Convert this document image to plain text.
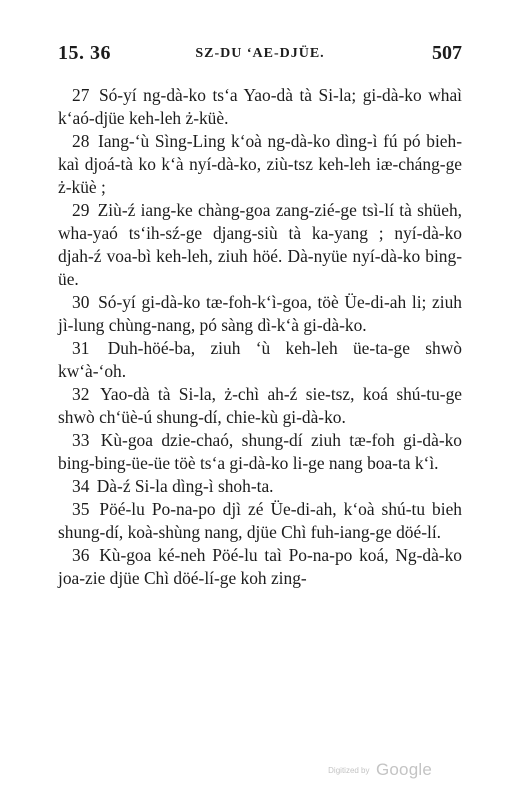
15. 36	SZ-DU ‘AE-DJÜE.	507

27 Só-yí ng-dà-ko ts‘a Yao-dà tà Si-la; gi-dà-ko whaì k‘aó-djüe keh-leh ż-küè.

28 Iang-‘ù Sìng-Ling k‘oà ng-dà-ko dìng-ì fú pó bieh-kaì djoá-tà ko k‘à nyí-dà-ko, ziù-tsz keh-leh iæ-cháng-ge ż-küè ;

29 Ziù-ź iang-ke chàng-goa zang-zié-ge tsì-lí tà shüeh, wha-yaó ts‘ih-sź-ge djang-siù tà ka-yang ; nyí-dà-ko djah-ź voa-bì keh-leh, ziuh höé. Dà-nyüe nyí-dà-ko bing-üe.

30 Só-yí gi-dà-ko tæ-foh-k‘ì-goa, töè Üe-di-ah li; ziuh jì-lung chùng-nang, pó sàng dì-k‘à gi-dà-ko.

31 Duh-höé-ba, ziuh ‘ù keh-leh üe-ta-ge shwò kw‘à-‘oh.

32 Yao-dà tà Si-la, ż-chì ah-ź sie-tsz, koá shú-tu-ge shwò ch‘üè-ú shung-dí, chie-kù gi-dà-ko.

33 Kù-goa dzie-chaó, shung-dí ziuh tæ-foh gi-dà-ko bing-bing-üe-üe töè ts‘a gi-dà-ko li-ge nang boa-ta k‘ì.

34 Dà-ź Si-la dìng-ì shoh-ta.

35 Pöé-lu Po-na-po djì zé Üe-di-ah, k‘oà shú-tu bieh shung-dí, koà-shùng nang, djüe Chì fuh-iang-ge döé-lí.

36 Kù-goa ké-neh Pöé-lu taì Po-na-po koá, Ng-dà-ko joa-zie djüe Chì döé-lí-ge koh zing-

Digitized by Google
